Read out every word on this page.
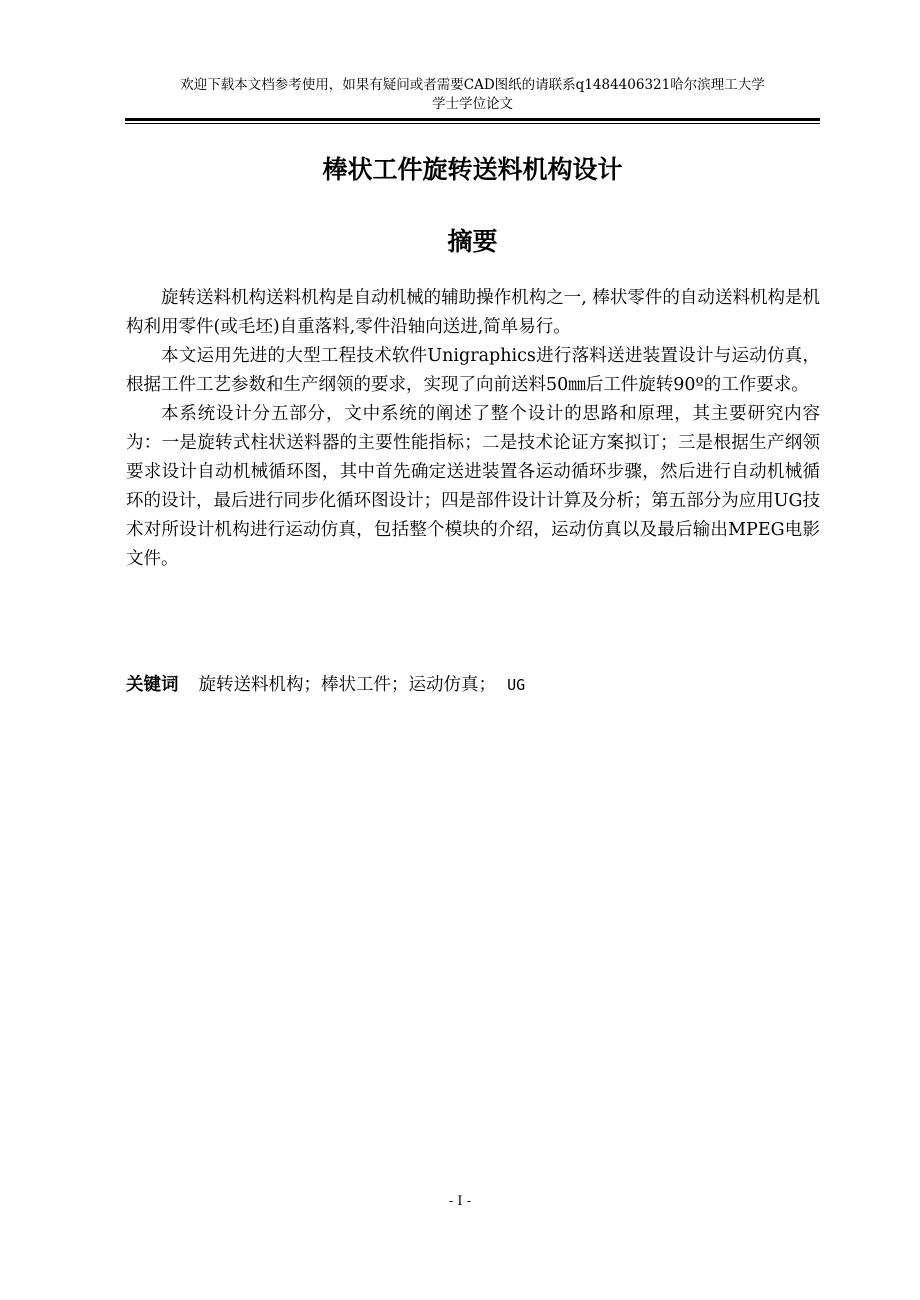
欢迎下载本文档参考使用，如果有疑问或者需要CAD图纸的请联系q1484406321哈尔滨理工大学
学士学位论文
棒状工件旋转送料机构设计
摘要

旋转送料机构送料机构是自动机械的辅助操作机构之一, 棒状零件的自动送料机构是机构利用零件(或毛坯)自重落料,零件沿轴向送进,简单易行。

本文运用先进的大型工程技术软件Unigraphics进行落料送进装置设计与运动仿真，根据工件工艺参数和生产纲领的要求，实现了向前送料50㎜后工件旋转90º的工作要求。

本系统设计分五部分，文中系统的阐述了整个设计的思路和原理，其主要研究内容为：一是旋转式柱状送料器的主要性能指标；二是技术论证方案拟订；三是根据生产纲领要求设计自动机械循环图，其中首先确定送进装置各运动循环步骤，然后进行自动机械循环的设计，最后进行同步化循环图设计；四是部件设计计算及分析；第五部分为应用UG技术对所设计机构进行运动仿真，包括整个模块的介绍，运动仿真以及最后输出MPEG电影文件。

关键词 旋转送料机构；棒状工件；运动仿真； UG
- I -
